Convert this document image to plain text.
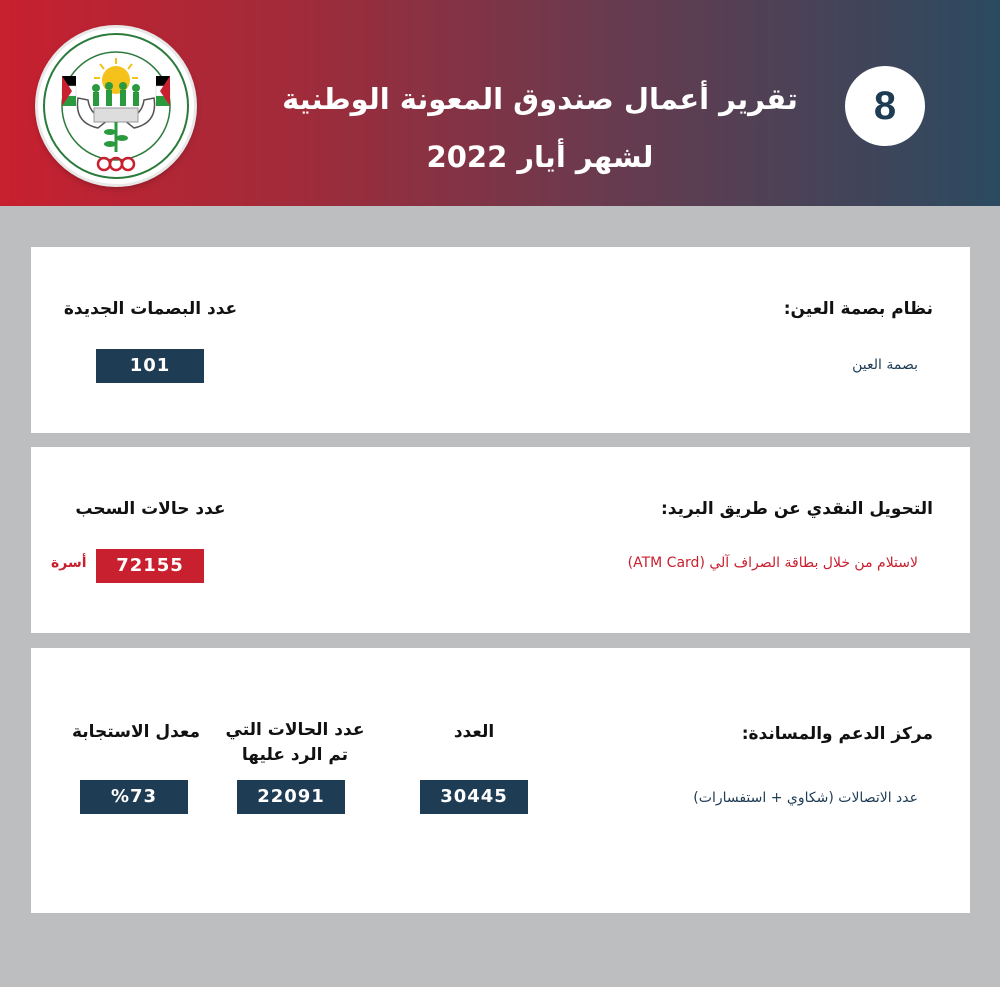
تقرير أعمال صندوق المعونة الوطنية
لشهر أيار 2022
8
نظام بصمة العين:
عدد البصمات الجديدة
بصمة العين
101
التحويل النقدي عن طريق البريد:
عدد حالات السحب
لاستلام من خلال بطاقة الصراف آلي (ATM Card)
72155
أسرة
مركز الدعم والمساندة:
العدد
عدد الحالات التي تم الرد عليها
معدل الاستجابة
عدد الاتصالات (شكاوي + استفسارات)
30445
22091
%73
